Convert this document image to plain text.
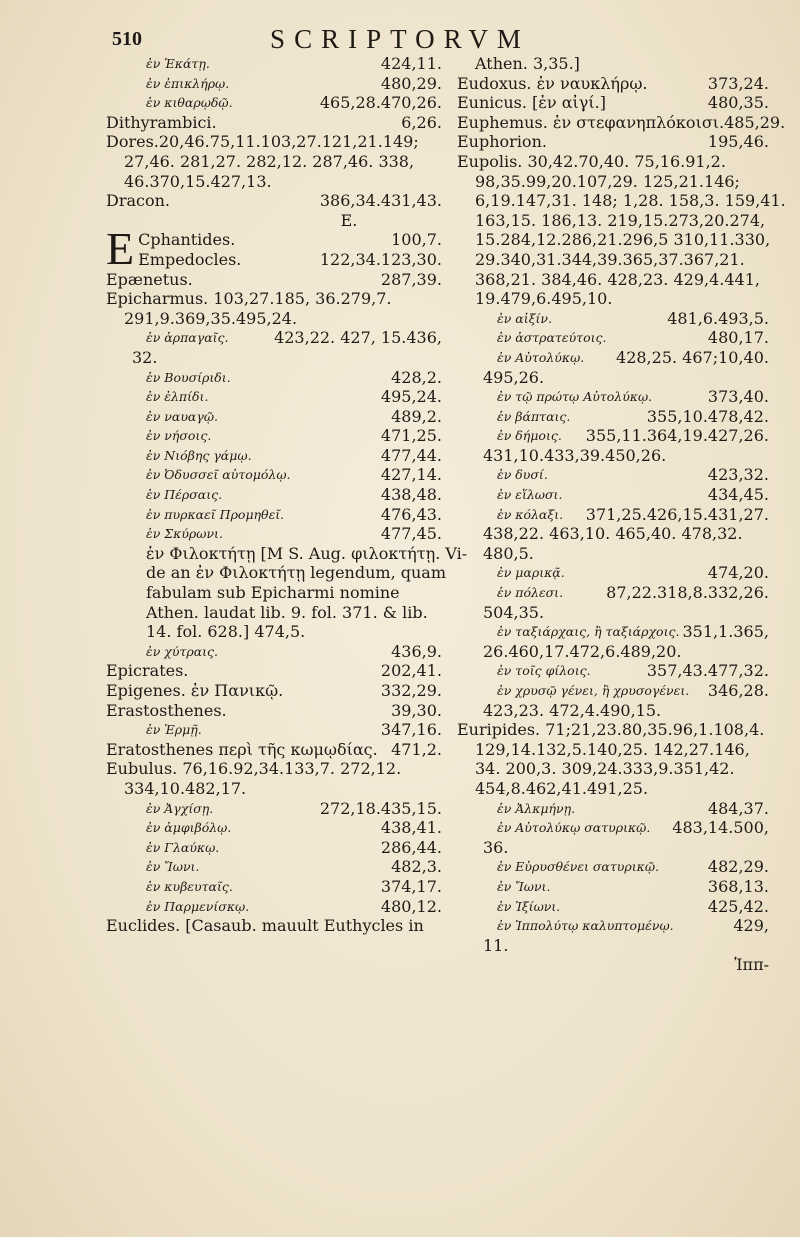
510	SCRIPTORVM
ἐν Ἑκάτῃ.	424,11.
ἐν ἐπικλήρῳ.	480,29.
ἐν κιθαρῳδῷ.	465,28.470,26.
Dithyrambici.	6,26.
Dores.20,46.75,11.103,27.121,21.149;
27,46. 281,27. 282,12. 287,46. 338,
46.370,15.427,13.
Dracon.	386,34.431,43.
E.
E Cphantides.	100,7.
Empedocles.	122,34.123,30.
Epænetus.	287,39.
Epicharmus. 103,27.185, 36.279,7.
291,9.369,35.495,24.
ἐν ἁρπαγαῖς.	423,22. 427, 15.436,
32.
ἐν Βουσίριδι.	428,2.
ἐν ἐλπίδι.	495,24.
ἐν ναυαγῷ.	489,2.
ἐν νήσοις.	471,25.
ἐν Νιόβης γάμῳ.	477,44.
ἐν Ὀδυσσεῖ αὐτομόλῳ.	427,14.
ἐν Πέρσαις.	438,48.
ἐν πυρκαεῖ Προμηθεῖ.	476,43.
ἐν Σκύρωνι.	477,45.
ἐν Φιλοκτήτῃ [M S. Aug. φιλοκτήτῃ. Vi-
de an ἐν Φιλοκτήτῃ legendum, quam
fabulam sub Epicharmi nomine
Athen. laudat lib. 9. fol. 371. & lib.
14. fol. 628.] 474,5.
ἐν χύτραις.	436,9.
Epicrates.	202,41.
Epigenes. ἐν Πανικῷ.	332,29.
Erastosthenes.	39,30.
ἐν Ἑρμῇ.	347,16.
Eratosthenes περὶ τῆς κωμῳδίας. 471,2.
Eubulus. 76,16.92,34.133,7. 272,12.
334,10.482,17.
ἐν Ἀγχίσῃ.	272,18.435,15.
ἐν ἀμφιβόλῳ.	438,41.
ἐν Γλαύκῳ.	286,44.
ἐν Ἴωνι.	482,3.
ἐν κυβευταῖς.	374,17.
ἐν Παρμενίσκῳ.	480,12.
Euclides. [Casaub. mauult Euthycles in
Athen. 3,35.]
Eudoxus. ἐν ναυκλήρῳ.	373,24.
Eunicus. [ἐν αἰγί.]	480,35.
Euphemus. ἐν στεφανηπλόκοισι. 485,29.
Euphorion.	195,46.
Eupolis. 30,42.70,40. 75,16.91,2.
98,35.99,20.107,29. 125,21.146;
6,19.147,31. 148; 1,28. 158,3. 159,41.
163,15. 186,13. 219,15.273,20.274,
15.284,12.286,21.296,5 310,11.330,
29.340,31.344,39.365,37.367,21.
368,21. 384,46. 428,23. 429,4.441,
19.479,6.495,10.
ἐν αἰξίν.	481,6.493,5.
ἐν ἀστρατεύτοις.	480,17.
ἐν Αὐτολύκῳ. 428,25. 467;10,40.
495,26.
ἐν τῷ πρώτῳ Αὐτολύκῳ.	373,40.
ἐν βάπταις.	355,10.478,42.
ἐν δήμοις. 355,11.364,19.427,26.
431,10.433,39.450,26.
ἐν δυσί.	423,32.
ἐν εἵλωσι.	434,45.
ἐν κόλαξι. 371,25.426,15.431,27.
438,22. 463,10. 465,40. 478,32.
480,5.
ἐν μαρικᾷ.	474,20.
ἐν πόλεσι.	87,22.318,8.332,26.
504,35.
ἐν ταξιάρχαις, ἢ ταξιάρχοις. 351,1.365,
26.460,17.472,6.489,20.
ἐν τοῖς φίλοις.	357,43.477,32.
ἐν χρυσῷ γένει, ἢ χρυσογένει. 346,28.
423,23. 472,4.490,15.
Euripides. 71;21,23.80,35.96,1.108,4.
129,14.132,5.140,25. 142,27.146,
34. 200,3. 309,24.333,9.351,42.
454,8.462,41.491,25.
ἐν Ἀλκμήνῃ.	484,37.
ἐν Αὐτολύκῳ σατυρικῷ. 483,14.500,
36.
ἐν Εὐρυσθένει σατυρικῷ.	482,29.
ἐν Ἴωνι.	368,13.
ἐν Ἰξίωνι.	425,42.
ἐν Ἱππολύτῳ καλυπτομένῳ.	429,
11.
Ἱππ-
